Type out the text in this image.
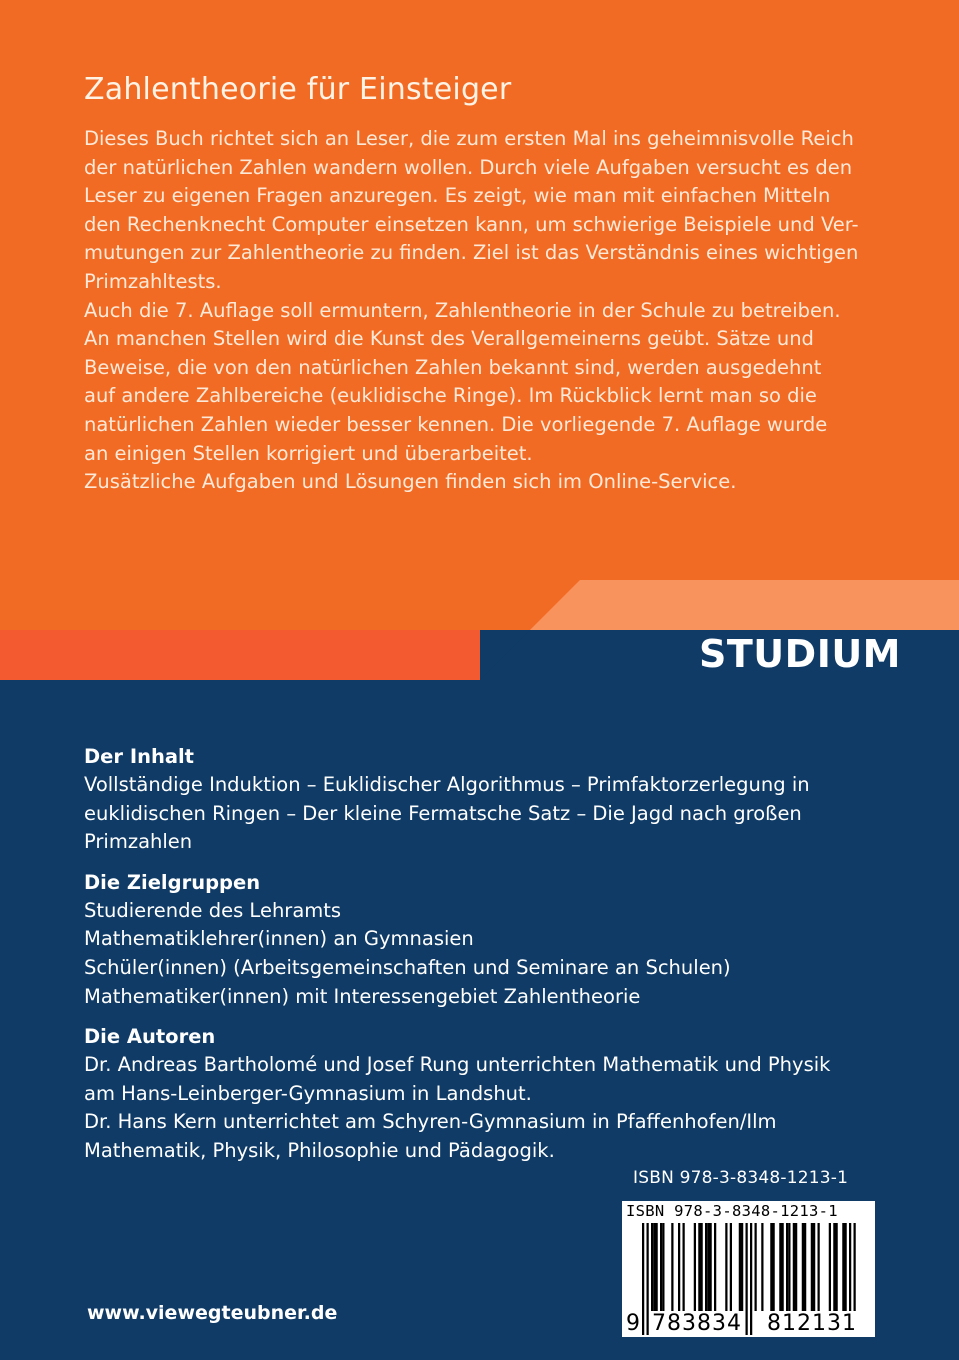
Zahlentheorie für Einsteiger
Dieses Buch richtet sich an Leser, die zum ersten Mal ins geheimnisvolle Reich
der natürlichen Zahlen wandern wollen. Durch viele Aufgaben versucht es den
Leser zu eigenen Fragen anzuregen. Es zeigt, wie man mit einfachen Mitteln
den Rechenknecht Computer einsetzen kann, um schwierige Beispiele und Ver-
mutungen zur Zahlentheorie zu finden. Ziel ist das Verständnis eines wichtigen
Primzahltests.
Auch die 7. Auflage soll ermuntern, Zahlentheorie in der Schule zu betreiben.
An manchen Stellen wird die Kunst des Verallgemeinerns geübt. Sätze und
Beweise, die von den natürlichen Zahlen bekannt sind, werden ausgedehnt
auf andere Zahlbereiche (euklidische Ringe). Im Rückblick lernt man so die
natürlichen Zahlen wieder besser kennen. Die vorliegende 7. Auflage wurde
an einigen Stellen korrigiert und überarbeitet.
Zusätzliche Aufgaben und Lösungen finden sich im Online-Service.
STUDIUM

Der Inhalt

Vollständige Induktion – Euklidischer Algorithmus – Primfaktorzerlegung in
euklidischen Ringen – Der kleine Fermatsche Satz – Die Jagd nach großen
Primzahlen

Die Zielgruppen

Studierende des Lehramts
Mathematiklehrer(innen) an Gymnasien
Schüler(innen) (Arbeitsgemeinschaften und Seminare an Schulen)
Mathematiker(innen) mit Interessengebiet Zahlentheorie

Die Autoren

Dr. Andreas Bartholomé und Josef Rung unterrichten Mathematik und Physik
am Hans-Leinberger-Gymnasium in Landshut.
Dr. Hans Kern unterrichtet am Schyren-Gymnasium in Pfaffenhofen/Ilm
Mathematik, Physik, Philosophie und Pädagogik.

ISBN 978-3-8348-1213-1
ISBN 978-3-8348-1213-1
9 783834 812131
www.viewegteubner.de
